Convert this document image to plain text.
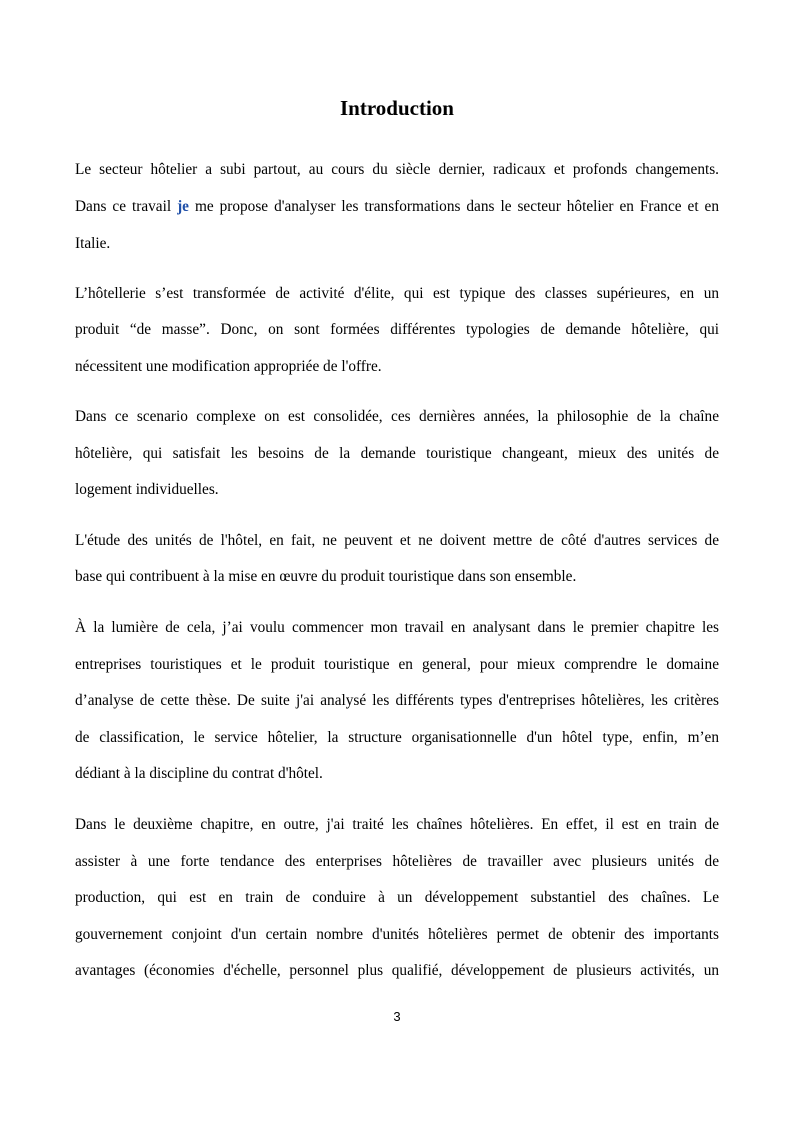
Introduction
Le secteur hôtelier a subi partout, au cours du siècle dernier, radicaux et profonds changements.
Dans ce travail je me propose d'analyser les transformations dans le secteur hôtelier en France et en
Italie.
L’hôtellerie s’est transformée de activité d'élite, qui est typique des classes supérieures, en un
produit “de masse”. Donc, on sont formées différentes typologies de demande hôtelière, qui
nécessitent une modification appropriée de l'offre.
Dans ce scenario complexe on est consolidée, ces dernières années, la philosophie de la chaîne
hôtelière, qui satisfait les besoins de la demande touristique changeant, mieux des unités de
logement individuelles.
L'étude des unités de l'hôtel, en fait, ne peuvent et ne doivent mettre de côté d'autres services de
base qui contribuent à la mise en œuvre du produit touristique dans son ensemble.
À la lumière de cela, j’ai voulu commencer mon travail en analysant dans le premier chapitre les
entreprises touristiques et le produit touristique en general, pour mieux comprendre le domaine
d’analyse de cette thèse. De suite j'ai analysé les différents types d'entreprises hôtelières, les critères
de classification, le service hôtelier, la structure organisationnelle d'un hôtel type, enfin, m’en
dédiant à la discipline du contrat d'hôtel.
Dans le deuxième chapitre, en outre, j'ai traité les chaînes hôtelières. En effet, il est en train de
assister à une forte tendance des enterprises hôtelières de travailler avec plusieurs unités de
production, qui est en train de conduire à un développement substantiel des chaînes. Le
gouvernement conjoint d'un certain nombre d'unités hôtelières permet de obtenir des importants
avantages (économies d'échelle, personnel plus qualifié, développement de plusieurs activités, un
3
